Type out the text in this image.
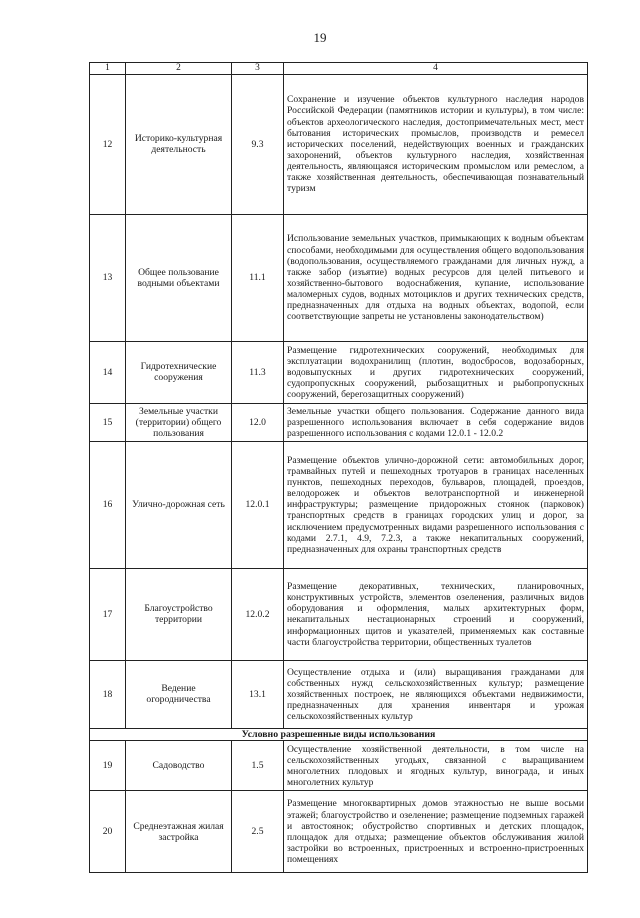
19
1	2	3	4
12	Историко-культурная деятельность	9.3	Сохранение и изучение объектов культурного наследия народов Российской Федерации (памятников истории и культуры), в том числе: объектов археологического наследия, достопримечательных мест, мест бытования исторических промыслов, производств и ремесел исторических поселений, недействующих военных и гражданских захоронений, объектов культурного наследия, хозяйственная деятельность, являющаяся историческим промыслом или ремеслом, а также хозяйственная деятельность, обеспечивающая познавательный туризм
13	Общее пользование водными объектами	11.1	Использование земельных участков, примыкающих к водным объектам способами, необходимыми для осуществления общего водопользования (водопользования, осуществляемого гражданами для личных нужд, а также забор (изъятие) водных ресурсов для целей питьевого и хозяйственно-бытового водоснабжения, купание, использование маломерных судов, водных мотоциклов и других технических средств, предназначенных для отдыха на водных объектах, водопой, если соответствующие запреты не установлены законодательством)
14	Гидротехнические сооружения	11.3	Размещение гидротехнических сооружений, необходимых для эксплуатации водохранилищ (плотин, водосбросов, водозаборных, водовыпускных и других гидротехнических сооружений, судопропускных сооружений, рыбозащитных и рыбопропускных сооружений, берегозащитных сооружений)
15	Земельные участки (территории) общего пользования	12.0	Земельные участки общего пользования. Содержание данного вида разрешенного использования включает в себя содержание видов разрешенного использования с кодами 12.0.1 - 12.0.2
16	Улично-дорожная сеть	12.0.1	Размещение объектов улично-дорожной сети: автомобильных дорог, трамвайных путей и пешеходных тротуаров в границах населенных пунктов, пешеходных переходов, бульваров, площадей, проездов, велодорожек и объектов велотранспортной и инженерной инфраструктуры; размещение придорожных стоянок (парковок) транспортных средств в границах городских улиц и дорог, за исключением предусмотренных видами разрешенного использования с кодами 2.7.1, 4.9, 7.2.3, а также некапитальных сооружений, предназначенных для охраны транспортных средств
17	Благоустройство территории	12.0.2	Размещение декоративных, технических, планировочных, конструктивных устройств, элементов озеленения, различных видов оборудования и оформления, малых архитектурных форм, некапитальных нестационарных строений и сооружений, информационных щитов и указателей, применяемых как составные части благоустройства территории, общественных туалетов
18	Ведение огородничества	13.1	Осуществление отдыха и (или) выращивания гражданами для собственных нужд сельскохозяйственных культур; размещение хозяйственных построек, не являющихся объектами недвижимости, предназначенных для хранения инвентаря и урожая сельскохозяйственных культур
Условно разрешенные виды использования			
19	Садоводство	1.5	Осуществление хозяйственной деятельности, в том числе на сельскохозяйственных угодьях, связанной с выращиванием многолетних плодовых и ягодных культур, винограда, и иных многолетних культур
20	Среднеэтажная жилая застройка	2.5	Размещение многоквартирных домов этажностью не выше восьми этажей; благоустройство и озеленение; размещение подземных гаражей и автостоянок; обустройство спортивных и детских площадок, площадок для отдыха; размещение объектов обслуживания жилой застройки во встроенных, пристроенных и встроенно-пристроенных помещениях
